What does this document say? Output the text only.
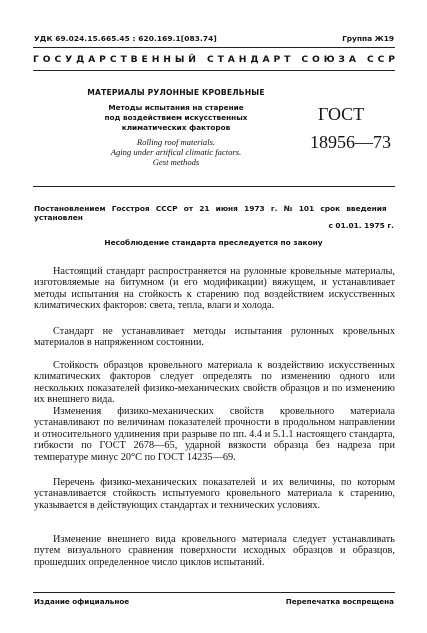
УДК 69.024.15.665.45 : 620.169.1[083.74]	Группа Ж19
ГОСУДАРСТВЕННЫЙ СТАНДАРТ СОЮЗА ССР
МАТЕРИАЛЫ РУЛОННЫЕ КРОВЕЛЬНЫЕ
Методы испытания на старение
под воздействием искусственных
климатических факторов
Rolling roof materials.
Aging under artifical climatic factors.
Gest methods
ГОСТ
18956—73
Постановлением Госстроя СССР от 21 июня 1973 г. № 101 срок введения
установлен
с 01.01. 1975 г.
Несоблюдение стандарта преследуется по закону

Настоящий стандарт распространяется на рулонные кровельные материалы, изготовляемые на битумном (и его модификации) вяжущем, и устанавливает методы испытания на стойкость к старению под воздействием искусственных климатических факторов: света, тепла, влаги и холода.

Стандарт не устанавливает методы испытания рулонных кровельных материалов в напряженном состоянии.

Стойкость образцов кровельного материала к воздействию искусственных климатических факторов следует определять по изменению одного или нескольких показателей физико-механических свойств образцов и по изменению их внешнего вида.

Изменения физико-механических свойств кровельного материала устанавливают по величинам показателей прочности в продольном направлении и относительного удлинения при разрыве по пп. 4.4 и 5.1.1 настоящего стандарта, гибкости по ГОСТ 2678—65, ударной вязкости образца без надреза при температуре минус 20°С по ГОСТ 14235—69.

Перечень физико-механических показателей и их величины, по которым устанавливается стойкость испытуемого кровельного материала к старению, указывается в действующих стандартах и технических условиях.

Изменение внешнего вида кровельного материала следует устанавливать путем визуального сравнения поверхности исходных образцов и образцов, прошедших определенное число циклов испытаний.

Издание официальное	Перепечатка воспрещена
